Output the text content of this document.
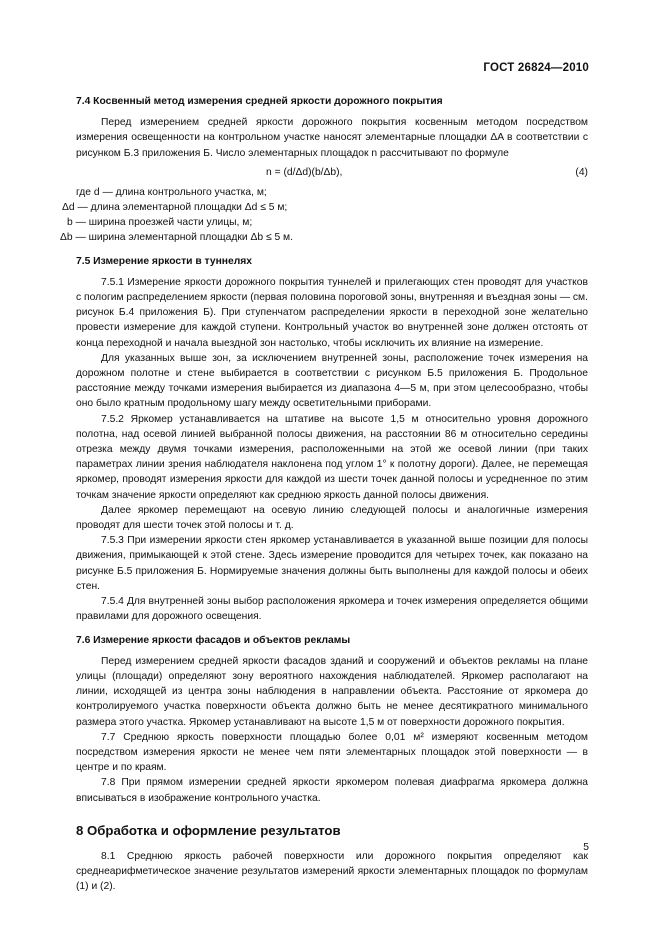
ГОСТ 26824—2010
7.4 Косвенный метод измерения средней яркости дорожного покрытия

Перед измерением средней яркости дорожного покрытия косвенным методом посредством измерения освещенности на контрольном участке наносят элементарные площадки ΔA в соответствии с рисунком Б.3 приложения Б. Число элементарных площадок n рассчитывают по формуле

n = (d/Δd)(b/Δb),	(4)
где d — длина контрольного участка, м;
Δd — длина элементарной площадки Δd ≤ 5 м;
b — ширина проезжей части улицы, м;
Δb — ширина элементарной площадки Δb ≤ 5 м.
7.5 Измерение яркости в туннелях

7.5.1 Измерение яркости дорожного покрытия туннелей и прилегающих стен проводят для участков с пологим распределением яркости (первая половина пороговой зоны, внутренняя и въездная зоны — см. рисунок Б.4 приложения Б). При ступенчатом распределении яркости в переходной зоне желательно провести измерение для каждой ступени. Контрольный участок во внутренней зоне должен отстоять от конца переходной и начала выездной зон настолько, чтобы исключить их влияние на измерение.

Для указанных выше зон, за исключением внутренней зоны, расположение точек измерения на дорожном полотне и стене выбирается в соответствии с рисунком Б.5 приложения Б. Продольное расстояние между точками измерения выбирается из диапазона 4—5 м, при этом целесообразно, чтобы оно было кратным продольному шагу между осветительными приборами.

7.5.2 Яркомер устанавливается на штативе на высоте 1,5 м относительно уровня дорожного полотна, над осевой линией выбранной полосы движения, на расстоянии 86 м относительно середины отрезка между двумя точками измерения, расположенными на этой же осевой линии (при таких параметрах линии зрения наблюдателя наклонена под углом 1° к полотну дороги). Далее, не перемещая яркомер, проводят измерения яркости для каждой из шести точек данной полосы и усредненное по этим точкам значение яркости определяют как среднюю яркость данной полосы движения.

Далее яркомер перемещают на осевую линию следующей полосы и аналогичные измерения проводят для шести точек этой полосы и т. д.

7.5.3 При измерении яркости стен яркомер устанавливается в указанной выше позиции для полосы движения, примыкающей к этой стене. Здесь измерение проводится для четырех точек, как показано на рисунке Б.5 приложения Б. Нормируемые значения должны быть выполнены для каждой полосы и обеих стен.

7.5.4 Для внутренней зоны выбор расположения яркомера и точек измерения определяется общими правилами для дорожного освещения.

7.6 Измерение яркости фасадов и объектов рекламы

Перед измерением средней яркости фасадов зданий и сооружений и объектов рекламы на плане улицы (площади) определяют зону вероятного нахождения наблюдателей. Яркомер располагают на линии, исходящей из центра зоны наблюдения в направлении объекта. Расстояние от яркомера до контролируемого участка поверхности объекта должно быть не менее десятикратного минимального размера этого участка. Яркомер устанавливают на высоте 1,5 м от поверхности дорожного покрытия.

7.7 Среднюю яркость поверхности площадью более 0,01 м² измеряют косвенным методом посредством измерения яркости не менее чем пяти элементарных площадок этой поверхности — в центре и по краям.

7.8 При прямом измерении средней яркости яркомером полевая диафрагма яркомера должна вписываться в изображение контрольного участка.

8 Обработка и оформление результатов

8.1 Среднюю яркость рабочей поверхности или дорожного покрытия определяют как среднеарифметическое значение результатов измерений яркости элементарных площадок по формулам (1) и (2).

5
